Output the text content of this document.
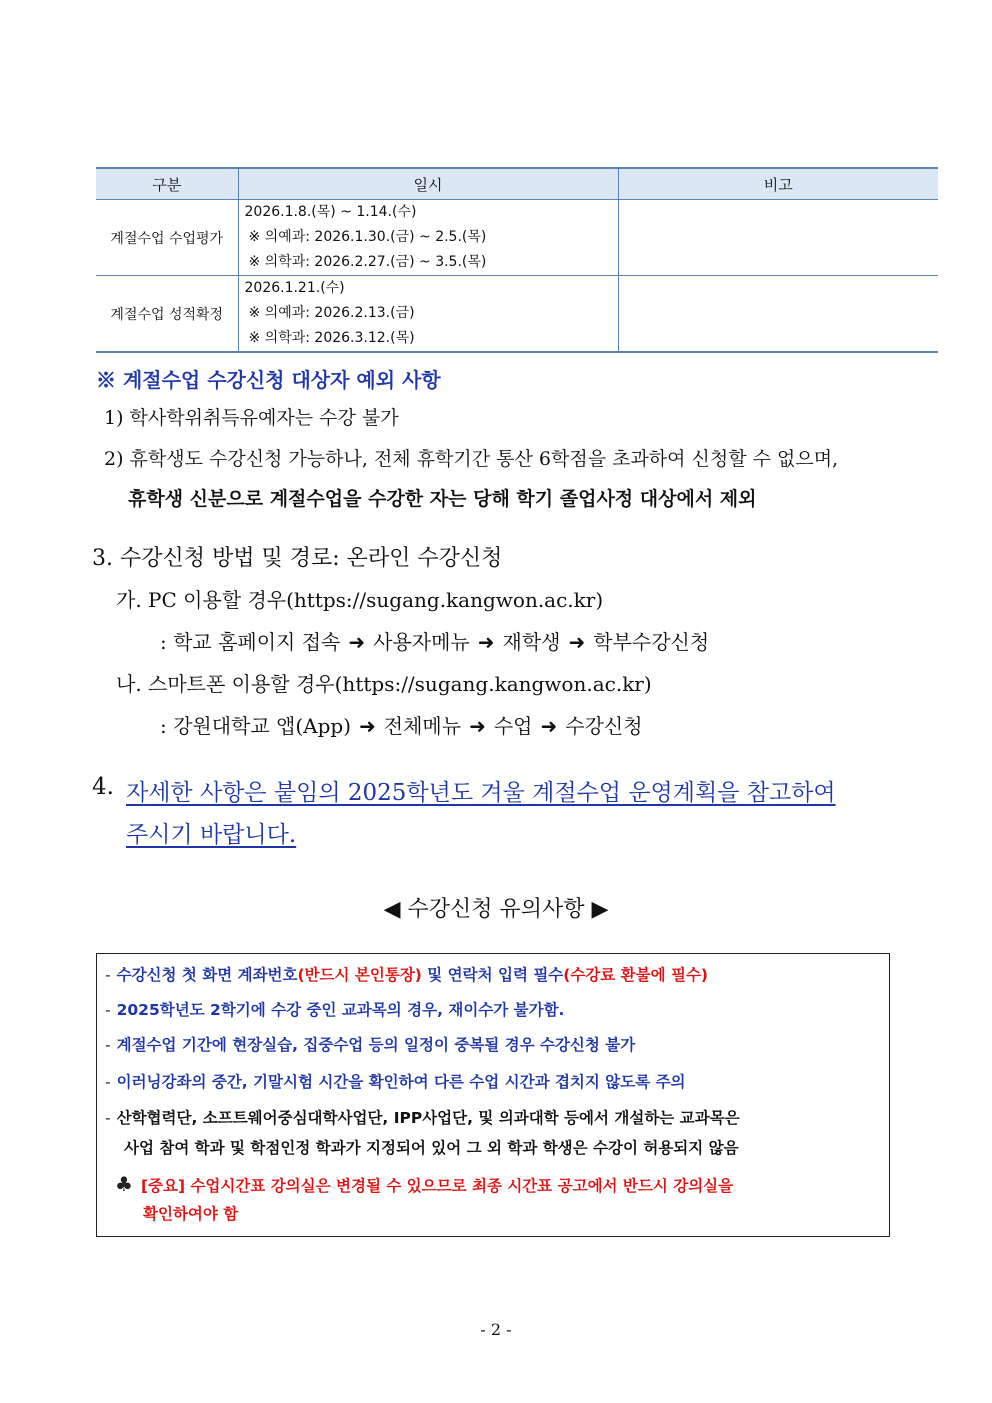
구분	일시	비고
계절수업 수업평가	2026.1.8.(목) ~ 1.14.(수)
※ 의예과: 2026.1.30.(금) ~ 2.5.(목)
※ 의학과: 2026.2.27.(금) ~ 3.5.(목)	

계절수업 성적확정	2026.1.21.(수)
※ 의예과: 2026.2.13.(금)
※ 의학과: 2026.3.12.(목)	

※ 계절수업 수강신청 대상자 예외 사항
1) 학사학위취득유예자는 수강 불가
2) 휴학생도 수강신청 가능하나, 전체 휴학기간 통산 6학점을 초과하여 신청할 수 없으며,
휴학생 신분으로 계절수업을 수강한 자는 당해 학기 졸업사정 대상에서 제외
3. 수강신청 방법 및 경로: 온라인 수강신청
가. PC 이용할 경우(https://sugang.kangwon.ac.kr)
: 학교 홈페이지 접속 ➜ 사용자메뉴 ➜ 재학생 ➜ 학부수강신청
나. 스마트폰 이용할 경우(https://sugang.kangwon.ac.kr)
: 강원대학교 앱(App) ➜ 전체메뉴 ➜ 수업 ➜ 수강신청
4. 자세한 사항은 붙임의 2025학년도 겨울 계절수업 운영계획을 참고하여
주시기 바랍니다.
◀ 수강신청 유의사항 ▶
- 수강신청 첫 화면 계좌번호(반드시 본인통장) 및 연락처 입력 필수(수강료 환불에 필수)
- 2025학년도 2학기에 수강 중인 교과목의 경우, 재이수가 불가함.
- 계절수업 기간에 현장실습, 집중수업 등의 일정이 중복될 경우 수강신청 불가
- 이러닝강좌의 중간, 기말시험 시간을 확인하여 다른 수업 시간과 겹치지 않도록 주의
- 산학협력단, 소프트웨어중심대학사업단, IPP사업단, 및 의과대학 등에서 개설하는 교과목은
사업 참여 학과 및 학점인정 학과가 지정되어 있어 그 외 학과 학생은 수강이 허용되지 않음
♣ [중요] 수업시간표 강의실은 변경될 수 있으므로 최종 시간표 공고에서 반드시 강의실을
확인하여야 함
- 2 -
